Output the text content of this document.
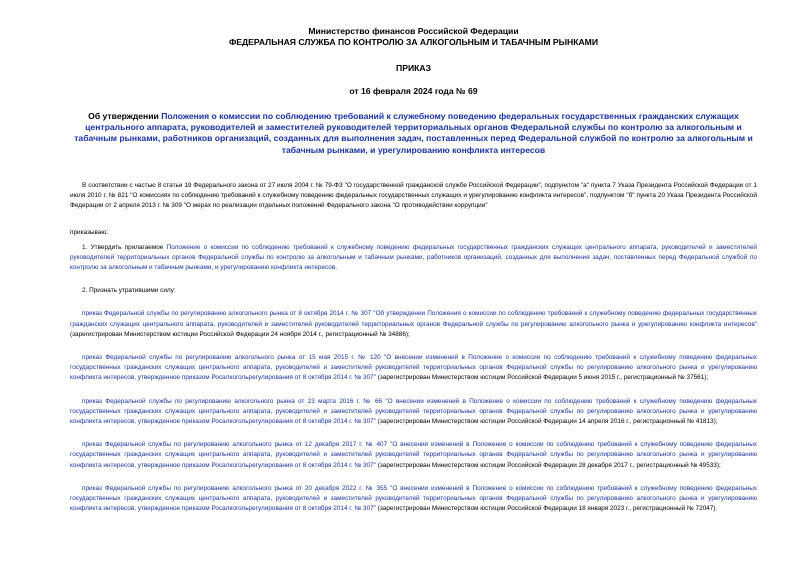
Министерство финансов Российской Федерации
ФЕДЕРАЛЬНАЯ СЛУЖБА ПО КОНТРОЛЮ ЗА АЛКОГОЛЬНЫМ И ТАБАЧНЫМ РЫНКАМИ
ПРИКАЗ
от 16 февраля 2024 года № 69
Об утверждении Положения о комиссии по соблюдению требований к служебному поведению федеральных государственных гражданских служащих центрального аппарата, руководителей и заместителей руководителей территориальных органов Федеральной службы по контролю за алкогольным и табачным рынками, работников организаций, созданных для выполнения задач, поставленных перед Федеральной службой по контролю за алкогольным и табачным рынками, и урегулированию конфликта интересов

В соответствии с частью 8 статьи 19 Федерального закона от 27 июля 2004 г. № 79-ФЗ "О государственной гражданской службе Российской Федерации", подпунктом "а" пункта 7 Указа Президента Российской Федерации от 1 июля 2010 г. № 821 "О комиссиях по соблюдению требований к служебному поведению федеральных государственных служащих и урегулированию конфликта интересов", подпунктом "б" пункта 20 Указа Президента Российской Федерации от 2 апреля 2013 г. № 309 "О мерах по реализации отдельных положений Федерального закона "О противодействии коррупции"

приказываю:

1. Утвердить прилагаемое Положение о комиссии по соблюдению требований к служебному поведению федеральных государственных гражданских служащих центрального аппарата, руководителей и заместителей руководителей территориальных органов Федеральной службы по контролю за алкогольным и табачным рынками, работников организаций, созданных для выполнения задач, поставленных перед Федеральной службой по контролю за алкогольным и табачным рынками, и урегулированию конфликта интересов.

2. Признать утратившими силу:

приказ Федеральной службы по регулированию алкогольного рынка от 8 октября 2014 г. № 307 "Об утверждении Положения о комиссии по соблюдению требований к служебному поведению федеральных государственных гражданских служащих центрального аппарата, руководителей и заместителей руководителей территориальных органов Федеральной службы по регулированию алкогольного рынка и урегулированию конфликта интересов" (зарегистрирован Министерством юстиции Российской Федерации 24 ноября 2014 г., регистрационный № 34886);

приказ Федеральной службы по регулированию алкогольного рынка от 15 мая 2015 г. № 120 "О внесении изменений в Положение о комиссии по соблюдению требований к служебному поведению федеральных государственных гражданских служащих центрального аппарата, руководителей и заместителей руководителей территориальных органов Федеральной службы по регулированию алкогольного рынка и урегулированию конфликта интересов, утвержденное приказом Росалкогольрегулирования от 8 октября 2014 г. № 307" (зарегистрирован Министерством юстиции Российской Федерации 5 июня 2015 г., регистрационный № 37561);

приказ Федеральной службы по регулированию алкогольного рынка от 23 марта 2016 г. № 66 "О внесении изменений в Положение о комиссии по соблюдению требований к служебному поведению федеральных государственных гражданских служащих центрального аппарата, руководителей и заместителей руководителей территориальных органов Федеральной службы по регулированию алкогольного рынка и урегулированию конфликта интересов, утвержденное приказом Росалкогольрегулирования от 8 октября 2014 г. № 307" (зарегистрирован Министерством юстиции Российской Федерации 14 апреля 2016 г., регистрационный № 41813);

приказ Федеральной службы по регулированию алкогольного рынка от 12 декабря 2017 г. № 407 "О внесении изменений в Положение о комиссии по соблюдению требований к служебному поведению федеральных государственных гражданских служащих центрального аппарата, руководителей и заместителей руководителей территориальных органов Федеральной службы по регулированию алкогольного рынка и урегулированию конфликта интересов, утвержденное приказом Росалкогольрегулирования от 8 октября 2014 г. № 307" (зарегистрирован Министерством юстиции Российской Федерации 28 декабря 2017 г., регистрационный № 49533);

приказ Федеральной службы по регулированию алкогольного рынка от 20 декабря 2022 г. № 355 "О внесении изменений в Положение о комиссии по соблюдению требований к служебному поведению федеральных государственных гражданских служащих центрального аппарата, руководителей и заместителей руководителей территориальных органов Федеральной службы по регулированию алкогольного рынка и урегулированию конфликта интересов, утвержденное приказом Росалкогольрегулирования от 8 октября 2014 г. № 307" (зарегистрирован Министерством юстиции Российской Федерации 18 января 2023 г., регистрационный № 72047).
